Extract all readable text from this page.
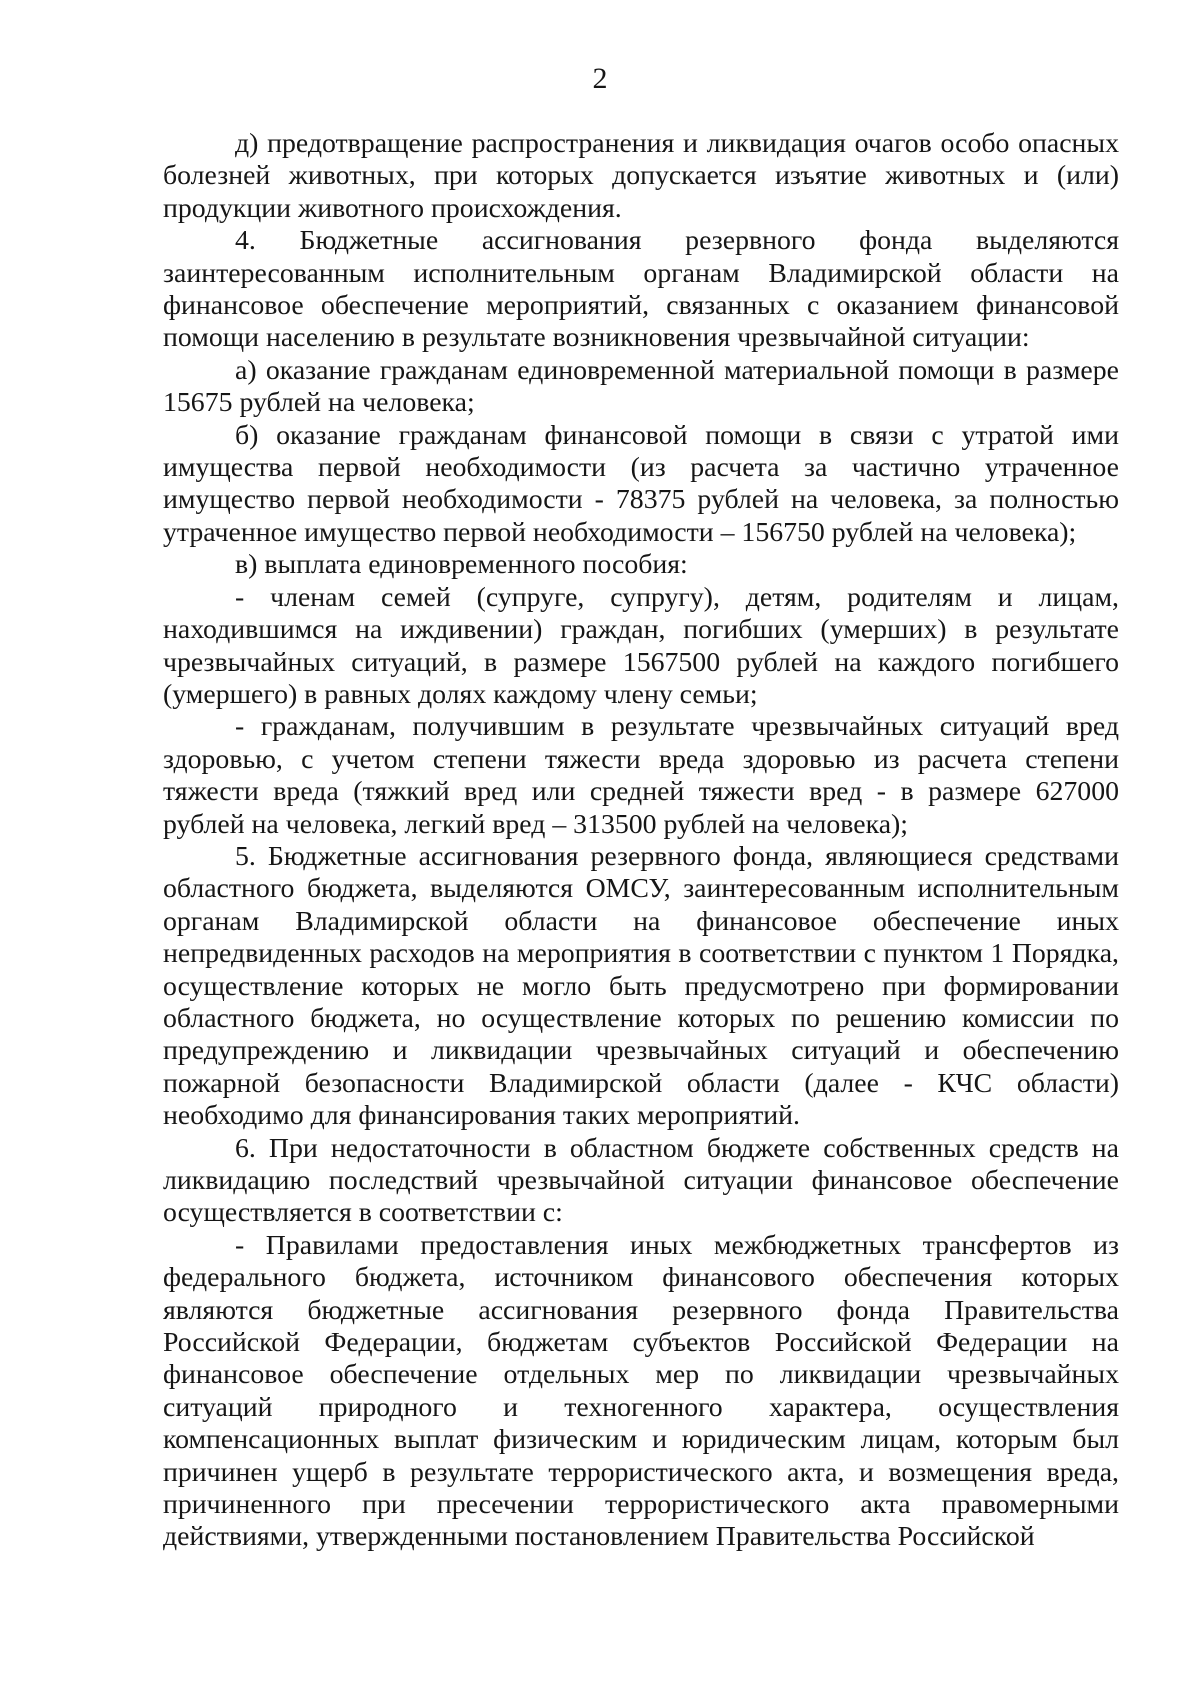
2

д) предотвращение распространения и ликвидация очагов особо опасных болезней животных, при которых допускается изъятие животных и (или) продукции животного происхождения.

4. Бюджетные ассигнования резервного фонда выделяются заинтересованным исполнительным органам Владимирской области на финансовое обеспечение мероприятий, связанных с оказанием финансовой помощи населению в результате возникновения чрезвычайной ситуации:

а) оказание гражданам единовременной материальной помощи в размере 15675 рублей на человека;

б) оказание гражданам финансовой помощи в связи с утратой ими имущества первой необходимости (из расчета за частично утраченное имущество первой необходимости - 78375 рублей на человека, за полностью утраченное имущество первой необходимости – 156750 рублей на человека);

в) выплата единовременного пособия:

- членам семей (супруге, супругу), детям, родителям и лицам, находившимся на иждивении) граждан, погибших (умерших) в результате чрезвычайных ситуаций, в размере 1567500 рублей на каждого погибшего (умершего) в равных долях каждому члену семьи;

- гражданам, получившим в результате чрезвычайных ситуаций вред здоровью, с учетом степени тяжести вреда здоровью из расчета степени тяжести вреда (тяжкий вред или средней тяжести вред - в размере 627000 рублей на человека, легкий вред – 313500 рублей на человека);

5. Бюджетные ассигнования резервного фонда, являющиеся средствами областного бюджета, выделяются ОМСУ, заинтересованным исполнительным органам Владимирской области на финансовое обеспечение иных непредвиденных расходов на мероприятия в соответствии с пунктом 1 Порядка, осуществление которых не могло быть предусмотрено при формировании областного бюджета, но осуществление которых по решению комиссии по предупреждению и ликвидации чрезвычайных ситуаций и обеспечению пожарной безопасности Владимирской области (далее - КЧС области) необходимо для финансирования таких мероприятий.

6. При недостаточности в областном бюджете собственных средств на ликвидацию последствий чрезвычайной ситуации финансовое обеспечение осуществляется в соответствии с:

- Правилами предоставления иных межбюджетных трансфертов из федерального бюджета, источником финансового обеспечения которых являются бюджетные ассигнования резервного фонда Правительства Российской Федерации, бюджетам субъектов Российской Федерации на финансовое обеспечение отдельных мер по ликвидации чрезвычайных ситуаций природного и техногенного характера, осуществления компенсационных выплат физическим и юридическим лицам, которым был причинен ущерб в результате террористического акта, и возмещения вреда, причиненного при пресечении террористического акта правомерными действиями, утвержденными постановлением Правительства Российской
